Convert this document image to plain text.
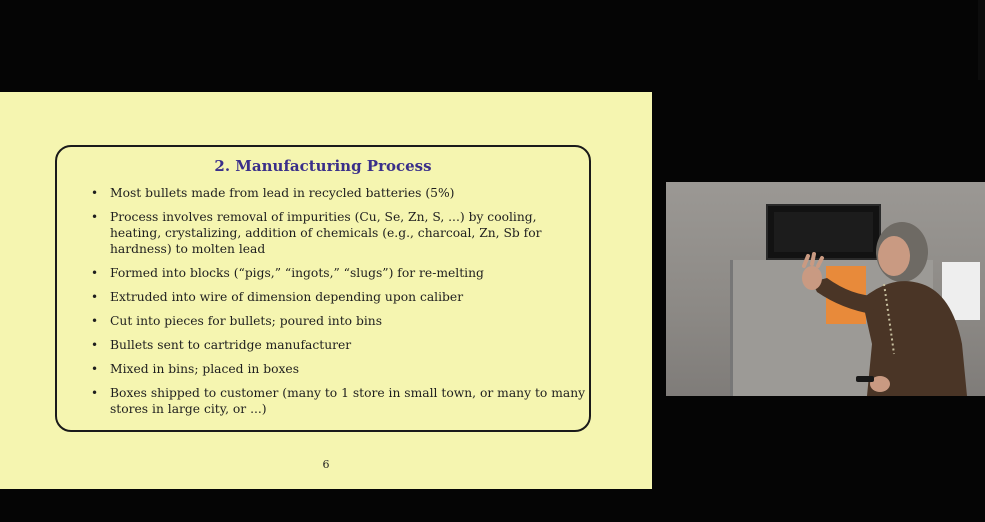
2. Manufacturing Process
• Most bullets made from lead in recycled batteries (5%)
• Process involves removal of impurities (Cu, Se, Zn, S, ...) by cooling, heating, crystalizing, addition of chemicals (e.g., charcoal, Zn, Sb for hardness) to molten lead
• Formed into blocks (“pigs,” “ingots,” “slugs”) for re-melting
• Extruded into wire of dimension depending upon caliber
• Cut into pieces for bullets; poured into bins
• Bullets sent to cartridge manufacturer
• Mixed in bins; placed in boxes
• Boxes shipped to customer (many to 1 store in small town, or many to many stores in large city, or ...)
6
